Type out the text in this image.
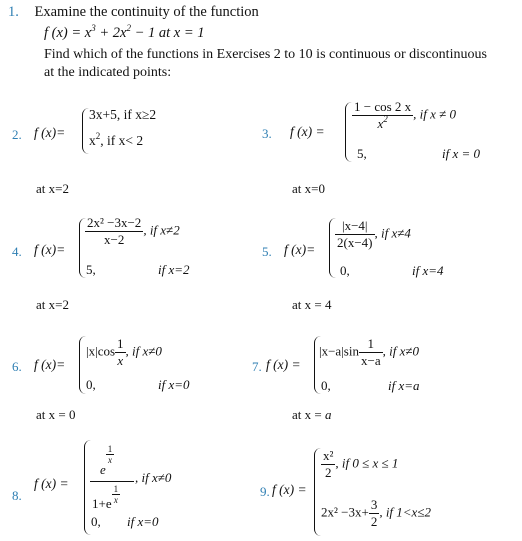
1. Examine the continuity of the function
f $(x) = x^3 + 2x^2 - 1$ at x = 1
Find which of the functions in Exercises 2 to 10 is continuous or discontinuous
at the indicated points:
2. f (x)=
3x+5, if x≥2
$x^2$, if x< 2
at x=2
3. f $(x) = \frac{1 - \cos 2 x}{x^2}$ , if x ≠ 0
5,	if x = 0
at x=0
4. f (x)=
$\frac{\text{2x² −3x−2}}{x-2}$ , if x≠2
5,	if x=2
at x=2
5. f $(x)= \frac{|x-4|}{2(x-4)}$ , if x≠4
0,	if x=4
at x = 4
6. f (x)=
$|x|\cos \frac{1}{x}$ , if x≠0
0,	if x=0
at x = 0
7. f (x) =
$|x-a|\sin \frac{1}{x-a}$ , if x≠0
0,	if x=a
at x = a
8.
f (x) =
e
$\frac{1}{x}$
, if x≠0
$1+e \frac{1}{x}$
0, if x=0
9. f (x) =
$\frac{\text{x²}}{2}$ , if 0 ≤ x ≤ 1
$2x^2 -3x+ \frac{3}{2}$ , if 1<x≤2
